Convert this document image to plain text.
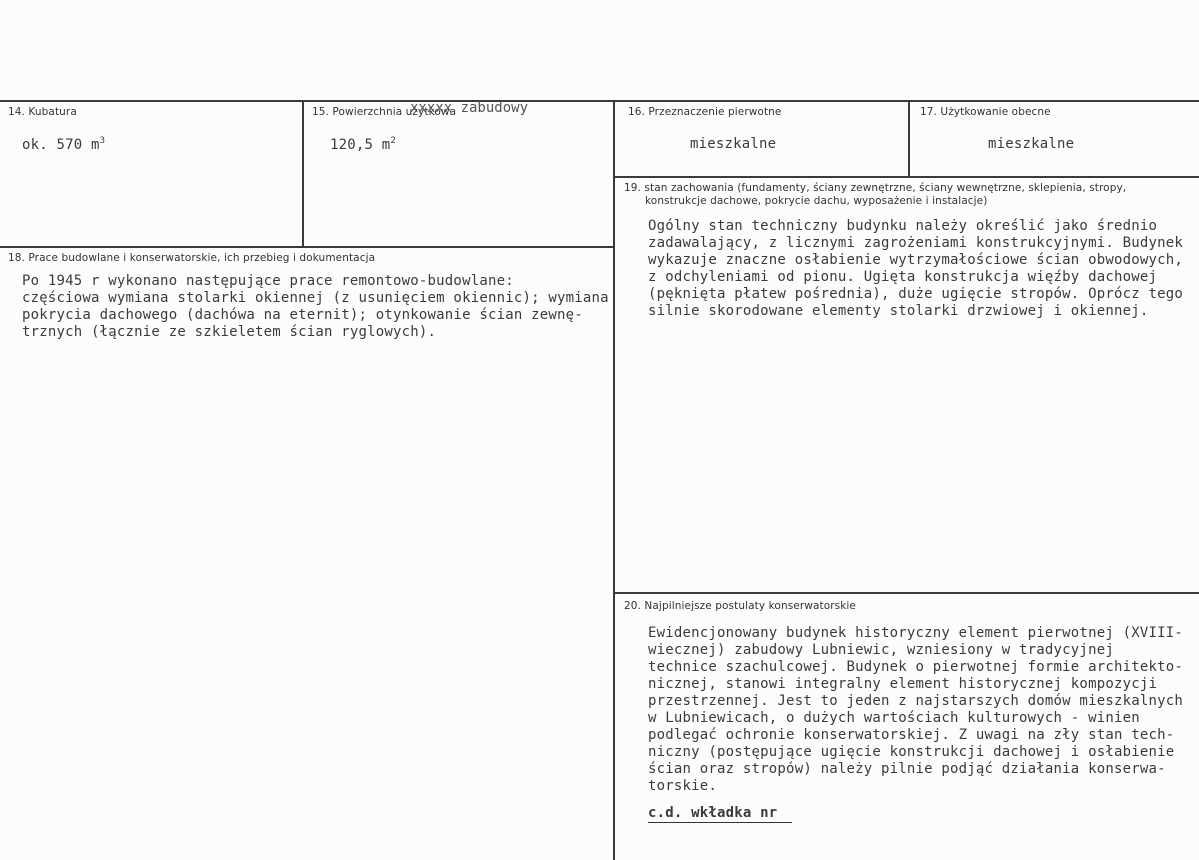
14. Kubatura
ok. 570 $m^3$
15. Powierzchnia użytkowa
xxxxx zabudowy
120,5 $m^2$
16. Przeznaczenie pierwotne
mieszkalne
17. Użytkowanie obecne
mieszkalne
19. stan zachowania (fundamenty, ściany zewnętrzne, ściany wewnętrzne, sklepienia, stropy,
konstrukcje dachowe, pokrycie dachu, wyposażenie i instalacje)
Ogólny stan techniczny budynku należy określić jako średnio
zadawalający, z licznymi zagrożeniami konstrukcyjnymi. Budynek
wykazuje znaczne osłabienie wytrzymałościowe ścian obwodowych,
z odchyleniami od pionu. Ugięta konstrukcja więźby dachowej
(pęknięta płatew pośrednia), duże ugięcie stropów. Oprócz tego
silnie skorodowane elementy stolarki drzwiowej i okiennej.
18. Prace budowlane i konserwatorskie, ich przebieg i dokumentacja
Po 1945 r wykonano następujące prace remontowo-budowlane:
częściowa wymiana stolarki okiennej (z usunięciem okiennic); wymiana
pokrycia dachowego (dachówa na eternit); otynkowanie ścian zewnę-
trznych (łącznie ze szkieletem ścian ryglowych).
20. Najpilniejsze postulaty konserwatorskie
Ewidencjonowany budynek historyczny element pierwotnej (XVIII-
wiecznej) zabudowy Lubniewic, wzniesiony w tradycyjnej
technice szachulcowej. Budynek o pierwotnej formie architekto-
nicznej, stanowi integralny element historycznej kompozycji
przestrzennej. Jest to jeden z najstarszych domów mieszkalnych
w Lubniewicach, o dużych wartościach kulturowych - winien
podlegać ochronie konserwatorskiej. Z uwagi na zły stan tech-
niczny (postępujące ugięcie konstrukcji dachowej i osłabienie
ścian oraz stropów) należy pilnie podjąć działania konserwa-
torskie.
c.d. wkładka nr
